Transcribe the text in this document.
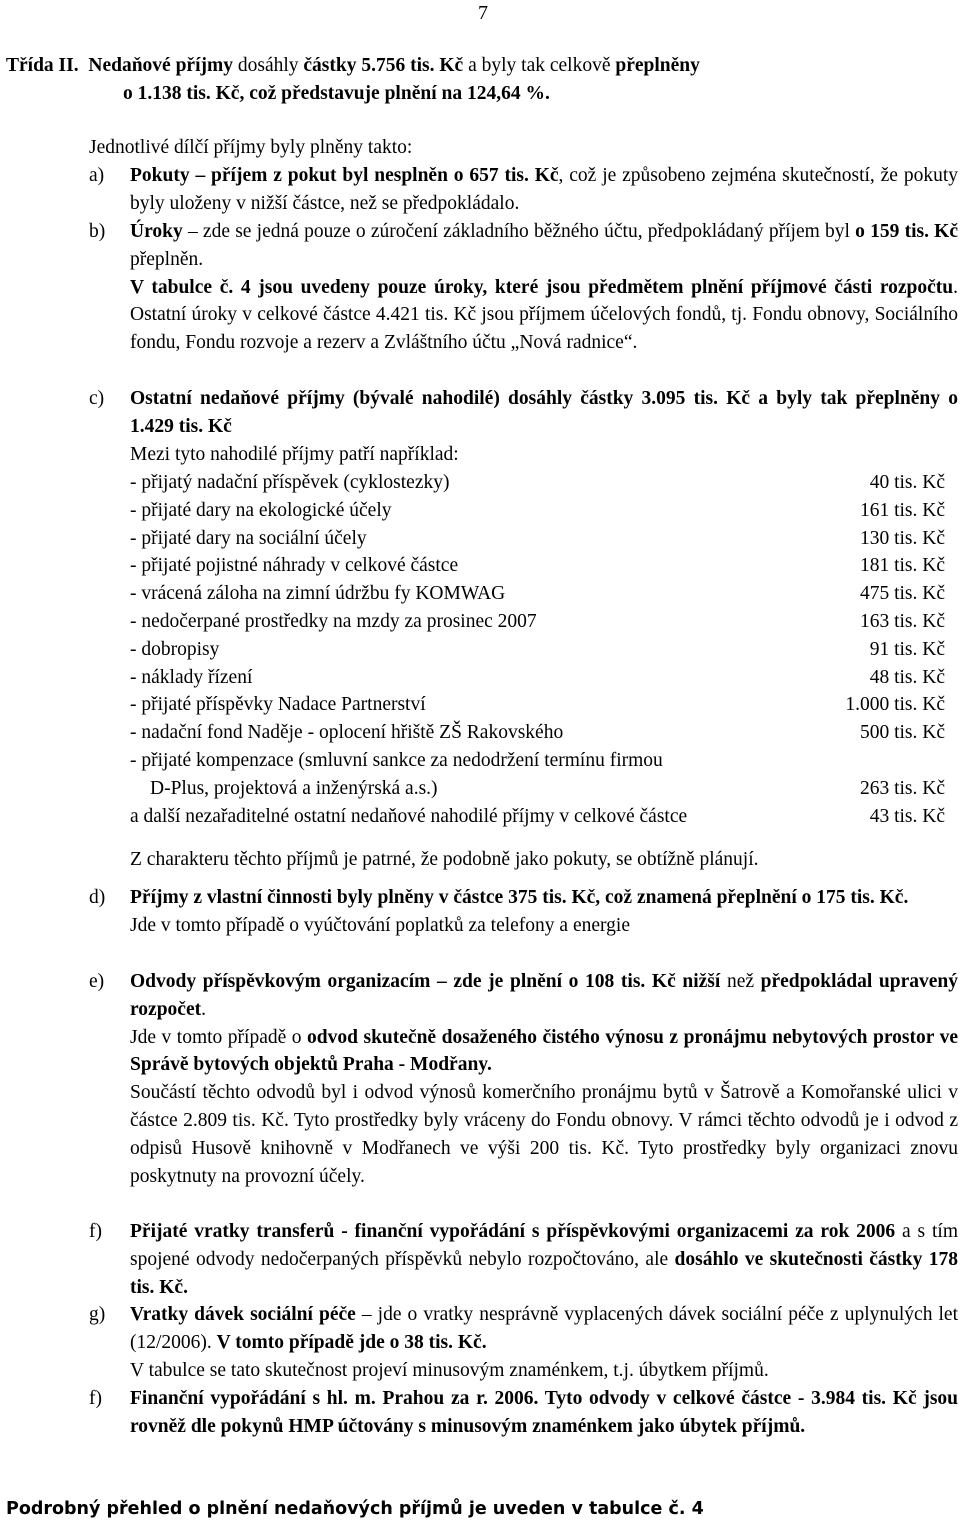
7
Třída II. Nedaňové příjmy dosáhly částky 5.756 tis. Kč a byly tak celkově přeplněny
o 1.138 tis. Kč, což představuje plnění na 124,64 %.
Jednotlivé dílčí příjmy byly plněny takto:
a)	Pokuty – příjem z pokut byl nesplněn o 657 tis. Kč, což je způsobeno zejména skutečností, že pokuty byly uloženy v nižší částce, než se předpokládalo.
b)	Úroky – zde se jedná pouze o zúročení základního běžného účtu, předpokládaný příjem byl o 159 tis. Kč přeplněn.

V tabulce č. 4 jsou uvedeny pouze úroky, které jsou předmětem plnění příjmové části rozpočtu. Ostatní úroky v celkové částce 4.421 tis. Kč jsou příjmem účelových fondů, tj. Fondu obnovy, Sociálního fondu, Fondu rozvoje a rezerv a Zvláštního účtu „Nová radnice“.

c)	Ostatní nedaňové příjmy (bývalé nahodilé) dosáhly částky 3.095 tis. Kč a byly tak přeplněny o 1.429 tis. Kč

Mezi tyto nahodilé příjmy patří například:

- přijatý nadační příspěvek (cyklostezky)	40 tis. Kč
- přijaté dary na ekologické účely	161 tis. Kč
- přijaté dary na sociální účely	130 tis. Kč
- přijaté pojistné náhrady v celkové částce	181 tis. Kč
- vrácená záloha na zimní údržbu fy KOMWAG	475 tis. Kč
- nedočerpané prostředky na mzdy za prosinec 2007	163 tis. Kč
- dobropisy	91 tis. Kč
- náklady řízení	48 tis. Kč
- přijaté příspěvky Nadace Partnerství	1.000 tis. Kč
- nadační fond Naděje - oplocení hřiště ZŠ Rakovského	500 tis. Kč
- přijaté kompenzace (smluvní sankce za nedodržení termínu firmou
D-Plus, projektová a inženýrská a.s.)	263 tis. Kč
a další nezařaditelné ostatní nedaňové nahodilé příjmy v celkové částce	43 tis. Kč
Z charakteru těchto příjmů je patrné, že podobně jako pokuty, se obtížně plánují.
d)	Příjmy z vlastní činnosti byly plněny v částce 375 tis. Kč, což znamená přeplnění o 175 tis. Kč.

Jde v tomto případě o vyúčtování poplatků za telefony a energie

e)	Odvody příspěvkovým organizacím – zde je plnění o 108 tis. Kč nižší než předpokládal upravený rozpočet.

Jde v tomto případě o odvod skutečně dosaženého čistého výnosu z pronájmu nebytových prostor ve Správě bytových objektů Praha - Modřany.

Součástí těchto odvodů byl i odvod výnosů komerčního pronájmu bytů v Šatrově a Komořanské ulici v částce 2.809 tis. Kč. Tyto prostředky byly vráceny do Fondu obnovy. V rámci těchto odvodů je i odvod z odpisů Husově knihovně v Modřanech ve výši 200 tis. Kč. Tyto prostředky byly organizaci znovu poskytnuty na provozní účely.

f)	Přijaté vratky transferů - finanční vypořádání s příspěvkovými organizacemi za rok 2006 a s tím spojené odvody nedočerpaných příspěvků nebylo rozpočtováno, ale dosáhlo ve skutečnosti částky 178 tis. Kč.
g)	Vratky dávek sociální péče – jde o vratky nesprávně vyplacených dávek sociální péče z uplynulých let (12/2006). V tomto případě jde o 38 tis. Kč.

V tabulce se tato skutečnost projeví minusovým znaménkem, t.j. úbytkem příjmů.

f)	Finanční vypořádání s hl. m. Prahou za r. 2006. Tyto odvody v celkové částce - 3.984 tis. Kč jsou rovněž dle pokynů HMP účtovány s minusovým znaménkem jako úbytek příjmů.
Podrobný přehled o plnění nedaňových příjmů je uveden v tabulce č. 4
